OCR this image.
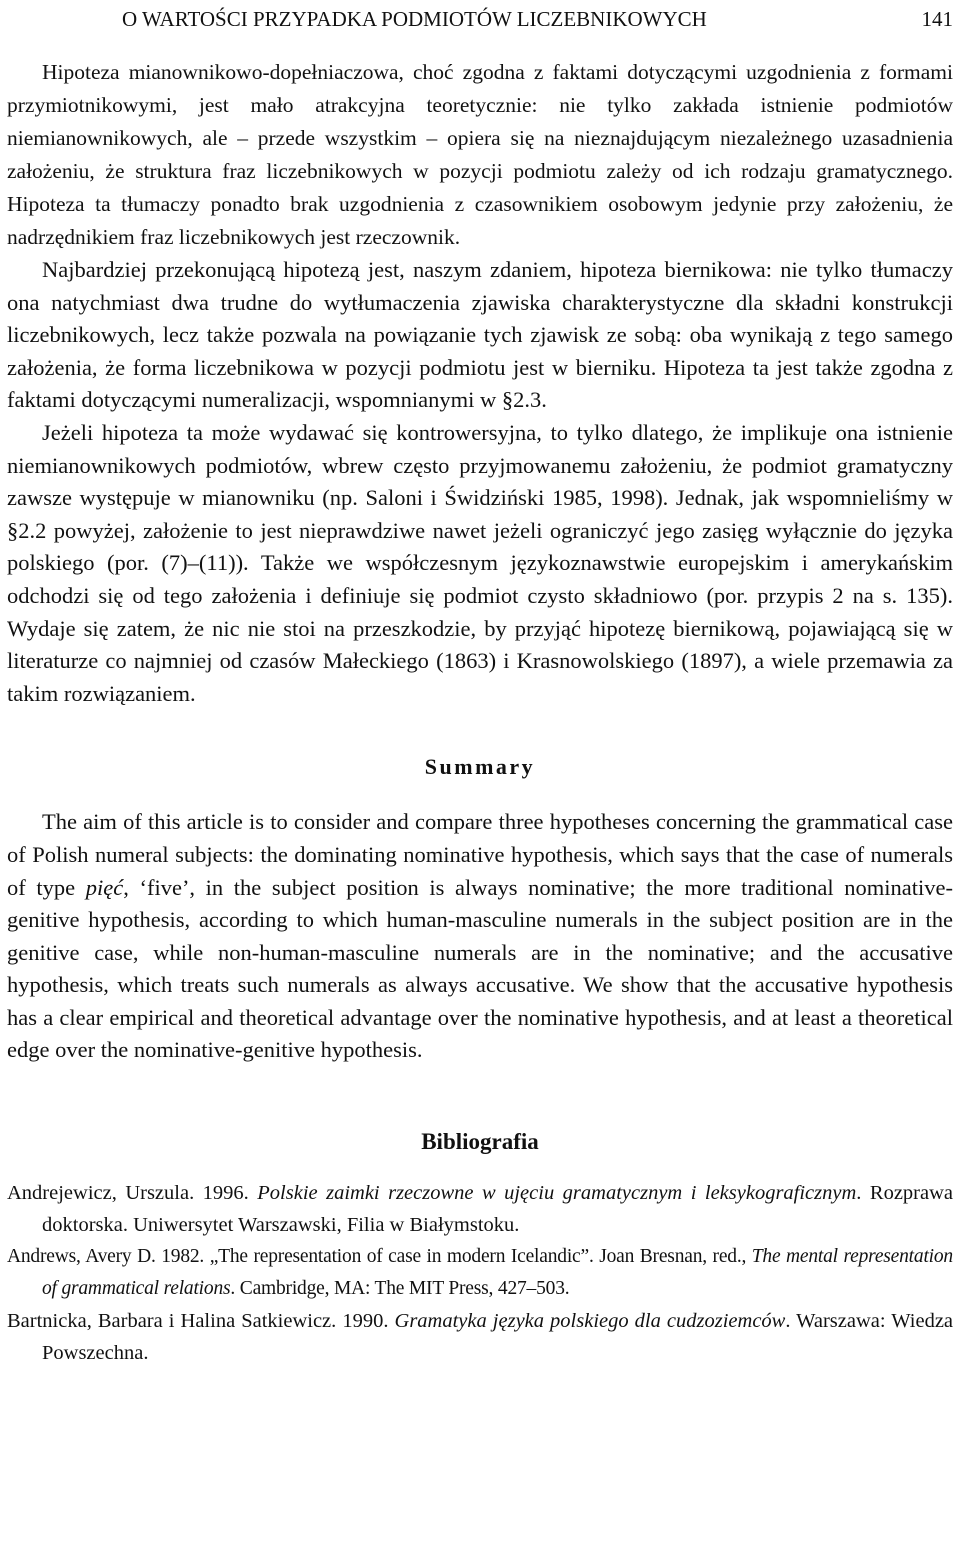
O WARTOŚCI PRZYPADKA PODMIOTÓW LICZEBNIKOWYCH	141

Hipoteza mianownikowo-dopełniaczowa, choć zgodna z faktami dotyczącymi uzgodnienia z formami przymiotnikowymi, jest mało atrakcyjna teoretycznie: nie tylko zakłada istnienie podmiotów niemianownikowych, ale – przede wszystkim – opiera się na nieznajdującym niezależnego uzasadnienia założeniu, że struktura fraz liczebnikowych w pozycji podmiotu zależy od ich rodzaju gramatycznego. Hipoteza ta tłumaczy ponadto brak uzgodnienia z czasownikiem osobowym jedynie przy założeniu, że nadrzędnikiem fraz liczebnikowych jest rzeczownik.

Najbardziej przekonującą hipotezą jest, naszym zdaniem, hipoteza biernikowa: nie tylko tłumaczy ona natychmiast dwa trudne do wytłumaczenia zjawiska charakterystyczne dla składni konstrukcji liczebnikowych, lecz także pozwala na powiązanie tych zjawisk ze sobą: oba wynikają z tego samego założenia, że forma liczebnikowa w pozycji podmiotu jest w bierniku. Hipoteza ta jest także zgodna z faktami dotyczącymi numeralizacji, wspomnianymi w §2.3.

Jeżeli hipoteza ta może wydawać się kontrowersyjna, to tylko dlatego, że implikuje ona istnienie niemianownikowych podmiotów, wbrew często przyjmowanemu założeniu, że podmiot gramatyczny zawsze występuje w mianowniku (np. Saloni i Świdziński 1985, 1998). Jednak, jak wspomnieliśmy w §2.2 powyżej, założenie to jest nieprawdziwe nawet jeżeli ograniczyć jego zasięg wyłącznie do języka polskiego (por. (7)–(11)). Także we współczesnym językoznawstwie europejskim i amerykańskim odchodzi się od tego założenia i definiuje się podmiot czysto składniowo (por. przypis 2 na s. 135). Wydaje się zatem, że nic nie stoi na przeszkodzie, by przyjąć hipotezę biernikową, pojawiającą się w literaturze co najmniej od czasów Małeckiego (1863) i Krasnowolskiego (1897), a wiele przemawia za takim rozwiązaniem.

Summary

The aim of this article is to consider and compare three hypotheses concerning the grammatical case of Polish numeral subjects: the dominating nominative hypothesis, which says that the case of numerals of type pięć, ‘five’, in the subject position is always nominative; the more traditional nominative-genitive hypothesis, according to which human-masculine numerals in the subject position are in the genitive case, while non-human-masculine numerals are in the nominative; and the accusative hypothesis, which treats such numerals as always accusative. We show that the accusative hypothesis has a clear empirical and theoretical advantage over the nominative hypothesis, and at least a theoretical edge over the nominative-genitive hypothesis.

Bibliografia

Andrejewicz, Urszula. 1996. Polskie zaimki rzeczowne w ujęciu gramatycznym i leksykograficznym. Rozprawa doktorska. Uniwersytet Warszawski, Filia w Białymstoku.

Andrews, Avery D. 1982. „The representation of case in modern Icelandic”. Joan Bresnan, red., The mental representation of grammatical relations. Cambridge, MA: The MIT Press, 427–503.

Bartnicka, Barbara i Halina Satkiewicz. 1990. Gramatyka języka polskiego dla cudzoziemców. Warszawa: Wiedza Powszechna.
